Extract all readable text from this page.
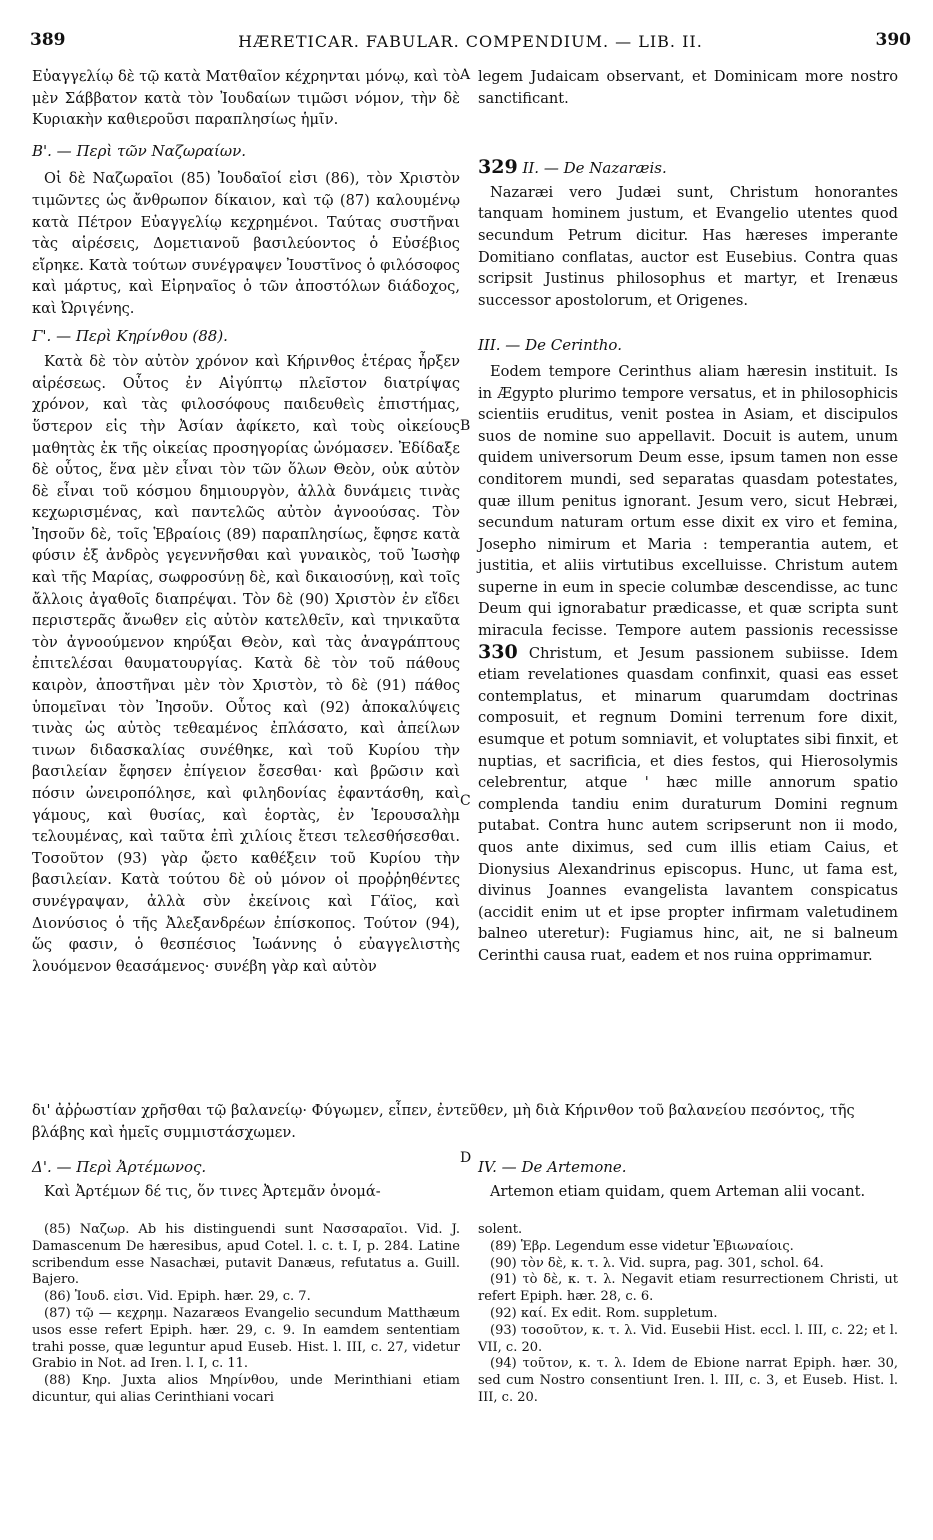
389	HÆRETICAR. FABULAR. COMPENDIUM. — LIB. II.	390

Εὐαγγελίῳ δὲ τῷ κατὰ Ματθαῖον κέχρηνται μόνῳ, καὶ τὸ μὲν Σάββατον κατὰ τὸν Ἰουδαίων τιμῶσι νόμον, τὴν δὲ Κυριακὴν καθιεροῦσι παραπλησίως ἡμῖν.

Β'. — Περὶ τῶν Ναζωραίων.

Οἱ δὲ Ναζωραῖοι (85) Ἰουδαῖοί εἰσι (86), τὸν Χριστὸν τιμῶντες ὡς ἄνθρωπον δίκαιον, καὶ τῷ (87) καλουμένῳ κατὰ Πέτρον Εὐαγγελίῳ κεχρημένοι. Ταύτας συστῆναι τὰς αἱρέσεις, Δομετιανοῦ βασιλεύοντος ὁ Εὐσέβιος εἴρηκε. Κατὰ τούτων συνέγραψεν Ἰουστῖνος ὁ φιλόσοφος καὶ μάρτυς, καὶ Εἰρηναῖος ὁ τῶν ἀποστόλων διάδοχος, καὶ Ὠριγένης.

Γ'. — Περὶ Κηρίνθου (88).

Κατὰ δὲ τὸν αὐτὸν χρόνον καὶ Κήρινθος ἑτέρας ἦρξεν αἱρέσεως. Οὗτος ἐν Αἰγύπτῳ πλεῖστον διατρίψας χρόνον, καὶ τὰς φιλοσόφους παιδευθεὶς ἐπιστήμας, ὕστερον εἰς τὴν Ἀσίαν ἀφίκετο, καὶ τοὺς οἰκείους μαθητὰς ἐκ τῆς οἰκείας προσηγορίας ὠνόμασεν. Ἐδίδαξε δὲ οὗτος, ἕνα μὲν εἶναι τὸν τῶν ὅλων Θεὸν, οὐκ αὐτὸν δὲ εἶναι τοῦ κόσμου δημιουργὸν, ἀλλὰ δυνάμεις τινὰς κεχωρισμένας, καὶ παντελῶς αὐτὸν ἀγνοούσας. Τὸν Ἰησοῦν δὲ, τοῖς Ἑβραίοις (89) παραπλησίως, ἔφησε κατὰ φύσιν ἐξ ἀνδρὸς γεγεννῆσθαι καὶ γυναικὸς, τοῦ Ἰωσὴφ καὶ τῆς Μαρίας, σωφροσύνῃ δὲ, καὶ δικαιοσύνῃ, καὶ τοῖς ἄλλοις ἀγαθοῖς διαπρέψαι. Τὸν δὲ (90) Χριστὸν ἐν εἴδει περιστερᾶς ἄνωθεν εἰς αὐτὸν κατελθεῖν, καὶ τηνικαῦτα τὸν ἀγνοούμενον κηρύξαι Θεὸν, καὶ τὰς ἀναγράπτους ἐπιτελέσαι θαυματουργίας. Κατὰ δὲ τὸν τοῦ πάθους καιρὸν, ἀποστῆναι μὲν τὸν Χριστὸν, τὸ δὲ (91) πάθος ὑπομεῖναι τὸν Ἰησοῦν. Οὗτος καὶ (92) ἀποκαλύψεις τινὰς ὡς αὐτὸς τεθεαμένος ἐπλάσατο, καὶ ἀπείλων τινων διδασκαλίας συνέθηκε, καὶ τοῦ Κυρίου τὴν βασιλείαν ἔφησεν ἐπίγειον ἔσεσθαι· καὶ βρῶσιν καὶ πόσιν ὠνειροπόλησε, καὶ φιληδονίας ἐφαντάσθη, καὶ γάμους, καὶ θυσίας, καὶ ἑορτὰς, ἐν Ἱερουσαλὴμ τελουμένας, καὶ ταῦτα ἐπὶ χιλίοις ἔτεσι τελεσθήσεσθαι. Τοσοῦτον (93) γὰρ ᾤετο καθέξειν τοῦ Κυρίου τὴν βασιλείαν. Κατὰ τούτου δὲ οὐ μόνον οἱ προῤῥηθέντες συνέγραψαν, ἀλλὰ σὺν ἐκείνοις καὶ Γάϊος, καὶ Διονύσιος ὁ τῆς Ἀλεξανδρέων ἐπίσκοπος. Τούτον (94), ὥς φασιν, ὁ θεσπέσιος Ἰωάννης ὁ εὐαγγελιστὴς λουόμενον θεασάμενος· συνέβη γὰρ καὶ αὐτὸν

A
B
C
D

legem Judaicam observant, et Dominicam more nostro sanctificant.

329 II. — De Nazaræis.

Nazaræi vero Judæi sunt, Christum honorantes tanquam hominem justum, et Evangelio utentes quod secundum Petrum dicitur. Has hæreses imperante Domitiano conflatas, auctor est Eusebius. Contra quas scripsit Justinus philosophus et martyr, et Irenæus successor apostolorum, et Origenes.

III. — De Cerintho.

Eodem tempore Cerinthus aliam hæresin instituit. Is in Ægypto plurimo tempore versatus, et in philosophicis scientiis eruditus, venit postea in Asiam, et discipulos suos de nomine suo appellavit. Docuit is autem, unum quidem universorum Deum esse, ipsum tamen non esse conditorem mundi, sed separatas quasdam potestates, quæ illum penitus ignorant. Jesum vero, sicut Hebræi, secundum naturam ortum esse dixit ex viro et femina, Josepho nimirum et Maria : temperantia autem, et justitia, et aliis virtutibus excelluisse. Christum autem superne in eum in specie columbæ descendisse, ac tunc Deum qui ignorabatur prædicasse, et quæ scripta sunt miracula fecisse. Tempore autem passionis recessisse 330 Christum, et Jesum passionem subiisse. Idem etiam revelationes quasdam confinxit, quasi eas esset contemplatus, et minarum quarumdam doctrinas composuit, et regnum Domini terrenum fore dixit, esumque et potum somniavit, et voluptates sibi finxit, et nuptias, et sacrificia, et dies festos, qui Hierosolymis celebrentur, atque ' hæc mille annorum spatio complenda tandiu enim duraturum Domini regnum putabat. Contra hunc autem scripserunt non ii modo, quos ante diximus, sed cum illis etiam Caius, et Dionysius Alexandrinus episcopus. Hunc, ut fama est, divinus Joannes evangelista lavantem conspicatus (accidit enim ut et ipse propter infirmam valetudinem balneo uteretur): Fugiamus hinc, ait, ne si balneum Cerinthi causa ruat, eadem et nos ruina opprimamur.

δι' ἀῤῥωστίαν χρῆσθαι τῷ βαλανείῳ· Φύγωμεν, εἶπεν, ἐντεῦθεν, μὴ διὰ Κήρινθον τοῦ βαλανείου πεσόντος, τῆς βλάβης καὶ ἡμεῖς συμμιστάσχωμεν.

Δ'. — Περὶ Ἀρτέμωνος.

Καὶ Ἀρτέμων δέ τις, ὅν τινες Ἀρτεμᾶν ὀνομά-

IV. — De Artemone.

Artemon etiam quidam, quem Arteman alii vocant.

(85) Ναζωρ. Ab his distinguendi sunt Νασσαραῖοι. Vid. J. Damascenum De hæresibus, apud Cotel. l. c. t. I, p. 284. Latine scribendum esse Nasachæi, putavit Danæus, refutatus a. Guill. Bajero.

(86) Ἰουδ. εἰσι. Vid. Epiph. hær. 29, c. 7.

(87) τῷ — κεχρημ. Nazaræos Evangelio secundum Matthæum usos esse refert Epiph. hær. 29, c. 9. In eamdem sententiam trahi posse, quæ leguntur apud Euseb. Hist. l. III, c. 27, videtur Grabio in Not. ad Iren. l. I, c. 11.

(88) Κηρ. Juxta alios Μηρίνθου, unde Merinthiani etiam dicuntur, qui alias Cerinthiani vocari

solent.

(89) Ἑβρ. Legendum esse videtur Ἐβιωναίοις.

(90) τὸν δὲ, κ. τ. λ. Vid. supra, pag. 301, schol. 64.

(91) τὸ δὲ, κ. τ. λ. Negavit etiam resurrectionem Christi, ut refert Epiph. hær. 28, c. 6.

(92) καί. Ex edit. Rom. suppletum.

(93) τοσοῦτον, κ. τ. λ. Vid. Eusebii Hist. eccl. l. III, c. 22; et l. VII, c. 20.

(94) τοῦτον, κ. τ. λ. Idem de Ebione narrat Epiph. hær. 30, sed cum Nostro consentiunt Iren. l. III, c. 3, et Euseb. Hist. l. III, c. 20.
